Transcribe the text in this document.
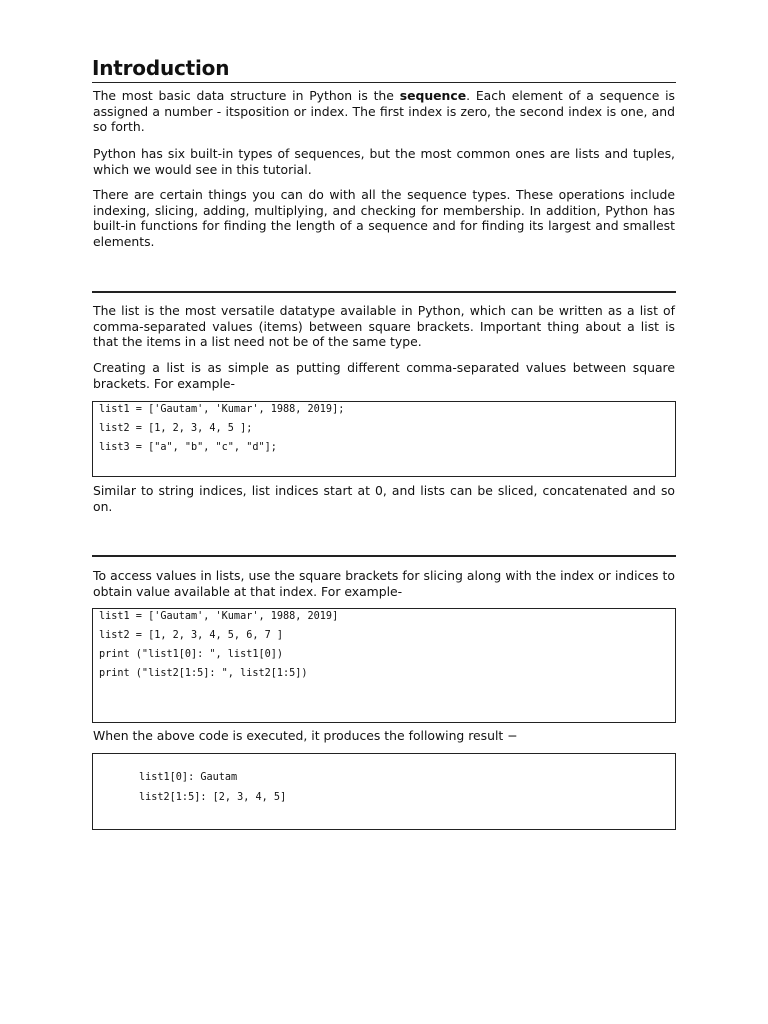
Introduction

The most basic data structure in Python is the sequence. Each element of a sequence is assigned a number - itsposition or index. The first index is zero, the second index is one, and so forth.

Python has six built-in types of sequences, but the most common ones are lists and tuples, which we would see in this tutorial.

There are certain things you can do with all the sequence types. These operations include indexing, slicing, adding, multiplying, and checking for membership. In addition, Python has built-in functions for finding the length of a sequence and for finding its largest and smallest elements.

The list is the most versatile datatype available in Python, which can be written as a list of comma-separated values (items) between square brackets. Important thing about a list is that the items in a list need not be of the same type.

Creating a list is as simple as putting different comma-separated values between square brackets. For example-

list1 = ['Gautam', 'Kumar', 1988, 2019];
list2 = [1, 2, 3, 4, 5 ];
list3 = ["a", "b", "c", "d"];

Similar to string indices, list indices start at 0, and lists can be sliced, concatenated and so on.

To access values in lists, use the square brackets for slicing along with the index or indices to obtain value available at that index. For example-

list1 = ['Gautam', 'Kumar', 1988, 2019]
list2 = [1, 2, 3, 4, 5, 6, 7 ]
print ("list1[0]: ", list1[0])
print ("list2[1:5]: ", list2[1:5])

When the above code is executed, it produces the following result −

list1[0]: Gautam
list2[1:5]: [2, 3, 4, 5]
